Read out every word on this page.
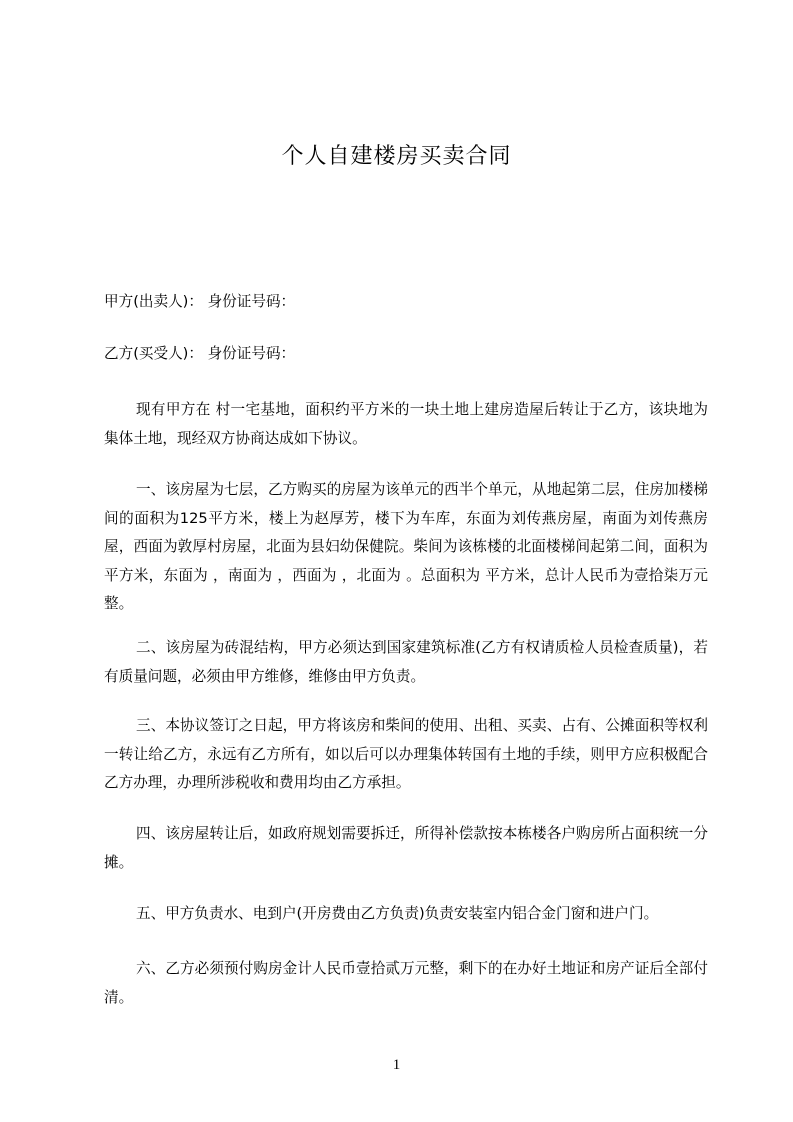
个人自建楼房买卖合同
甲方(出卖人)： 身份证号码：
乙方(买受人)： 身份证号码：
现有甲方在 村一宅基地，面积约平方米的一块土地上建房造屋后转让于乙方，该块地为集体土地，现经双方协商达成如下协议。
一、该房屋为七层，乙方购买的房屋为该单元的西半个单元，从地起第二层，住房加楼梯间的面积为125平方米，楼上为赵厚芳，楼下为车库，东面为刘传燕房屋，南面为刘传燕房屋，西面为敦厚村房屋，北面为县妇幼保健院。柴间为该栋楼的北面楼梯间起第二间，面积为 平方米，东面为 ，南面为 ，西面为 ，北面为 。总面积为 平方米，总计人民币为壹拾柒万元整。
二、该房屋为砖混结构，甲方必须达到国家建筑标准(乙方有权请质检人员检查质量)，若有质量问题，必须由甲方维修，维修由甲方负责。
三、本协议签订之日起，甲方将该房和柴间的使用、出租、买卖、占有、公摊面积等权利一转让给乙方，永远有乙方所有，如以后可以办理集体转国有土地的手续，则甲方应积极配合乙方办理，办理所涉税收和费用均由乙方承担。
四、该房屋转让后，如政府规划需要拆迁，所得补偿款按本栋楼各户购房所占面积统一分摊。
五、甲方负责水、电到户(开房费由乙方负责)负责安装室内铝合金门窗和进户门。
六、乙方必须预付购房金计人民币壹拾贰万元整，剩下的在办好土地证和房产证后全部付清。
1
